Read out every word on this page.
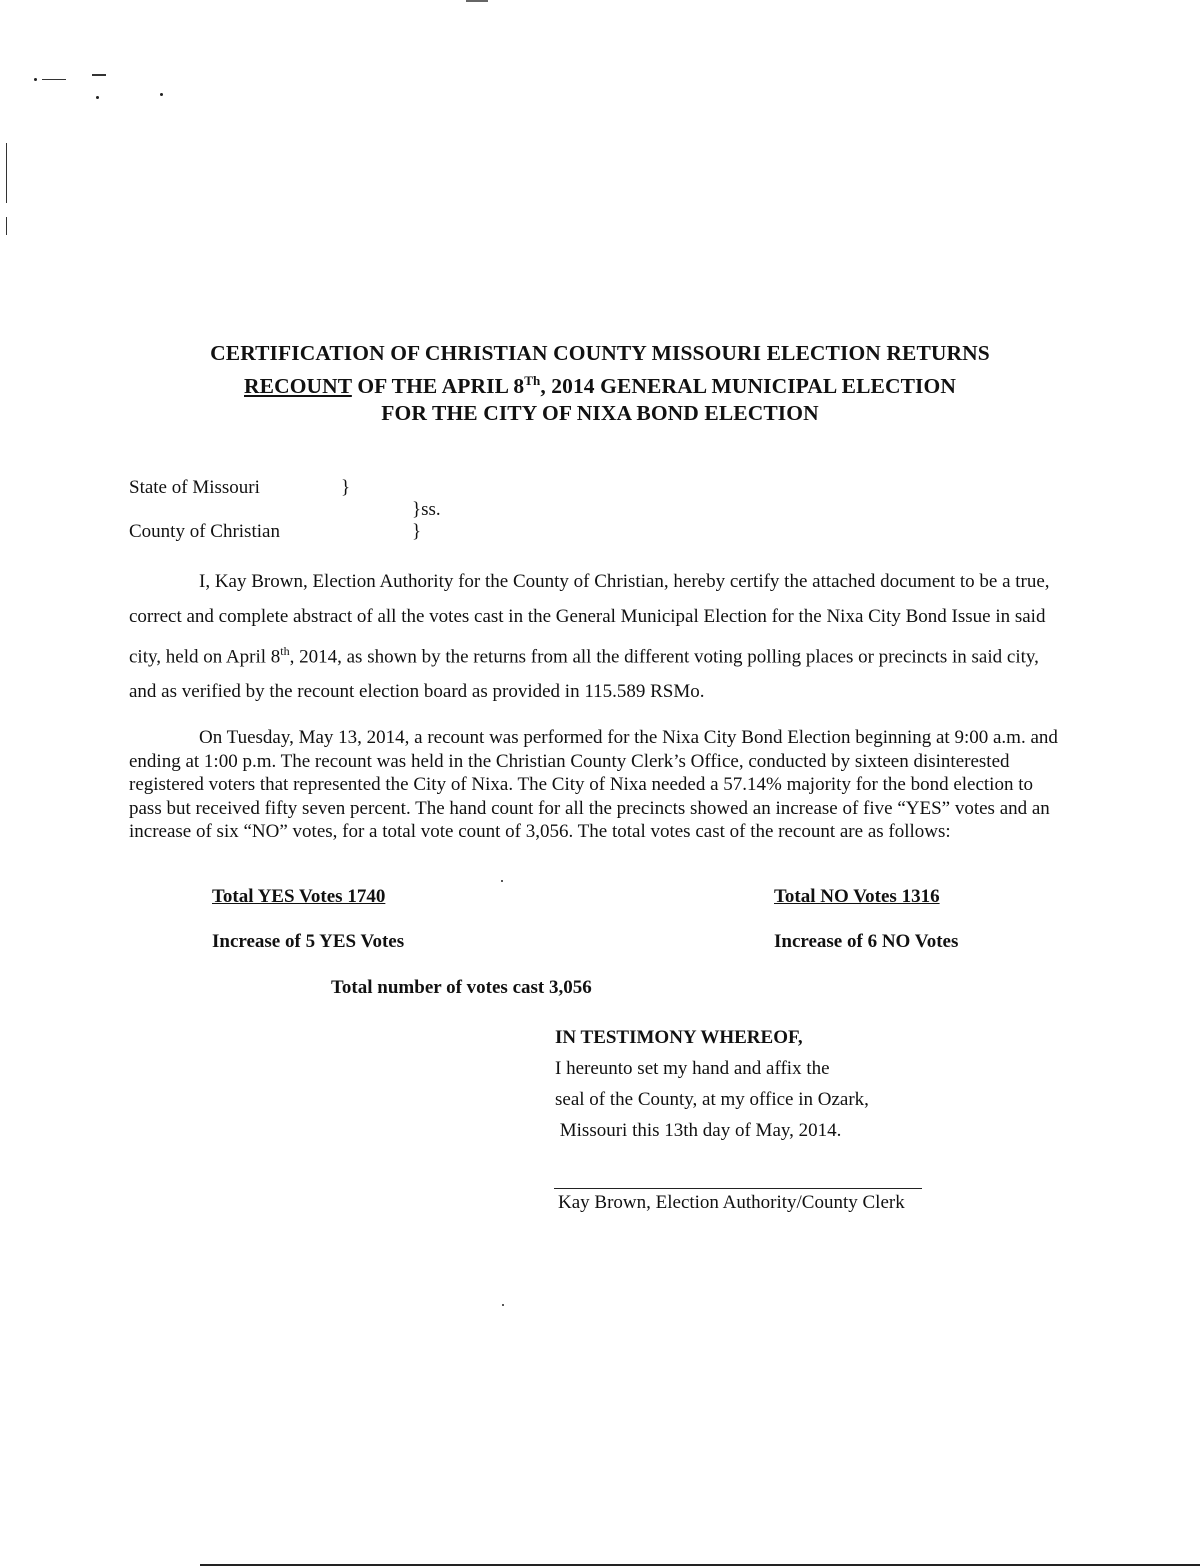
CERTIFICATION OF CHRISTIAN COUNTY MISSOURI ELECTION RETURNS
RECOUNT OF THE APRIL 8Th, 2014 GENERAL MUNICIPAL ELECTION
FOR THE CITY OF NIXA BOND ELECTION
State of Missouri	}
}ss.
County of Christian	}
I, Kay Brown, Election Authority for the County of Christian, hereby certify the attached document to be a true, correct and complete abstract of all the votes cast in the General Municipal Election for the Nixa City Bond Issue in said city, held on April 8th, 2014, as shown by the returns from all the different voting polling places or precincts in said city, and as verified by the recount election board as provided in 115.589 RSMo.
On Tuesday, May 13, 2014, a recount was performed for the Nixa City Bond Election beginning at 9:00 a.m. and ending at 1:00 p.m. The recount was held in the Christian County Clerk’s Office, conducted by sixteen disinterested registered voters that represented the City of Nixa. The City of Nixa needed a 57.14% majority for the bond election to pass but received fifty seven percent. The hand count for all the precincts showed an increase of five “YES” votes and an increase of six “NO” votes, for a total vote count of 3,056. The total votes cast of the recount are as follows:
Total YES Votes 1740	Total NO Votes 1316
Increase of 5 YES Votes	Increase of 6 NO Votes
Total number of votes cast 3,056
IN TESTIMONY WHEREOF,
I hereunto set my hand and affix the
seal of the County, at my office in Ozark,
Missouri this 13th day of May, 2014.
Kay Brown, Election Authority/County Clerk
